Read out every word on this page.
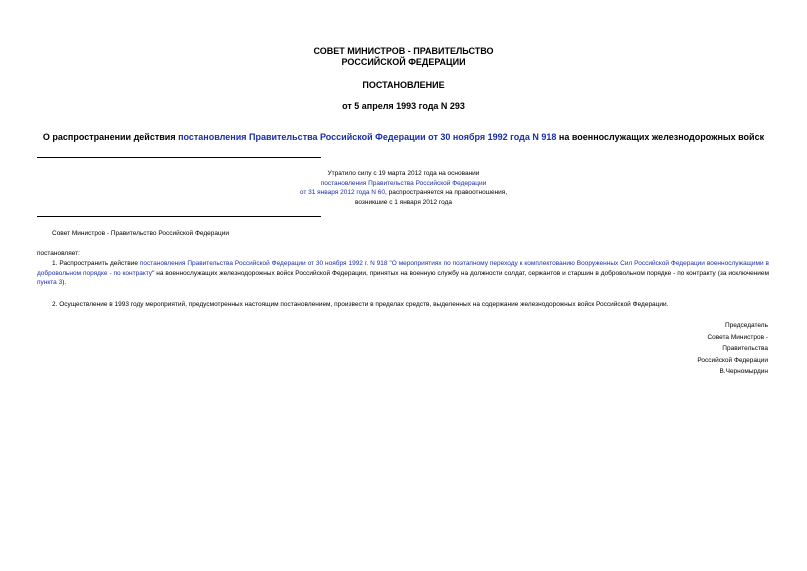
СОВЕТ МИНИСТРОВ - ПРАВИТЕЛЬСТВО
РОССИЙСКОЙ ФЕДЕРАЦИИ
ПОСТАНОВЛЕНИЕ
от 5 апреля 1993 года N 293
О распространении действия постановления Правительства Российской Федерации от 30 ноября 1992 года N 918 на военнослужащих железнодорожных войск
Утратило силу с 19 марта 2012 года на основании
постановления Правительства Российской Федерации
от 31 января 2012 года N 60, распространяется на правоотношения,
возникшие с 1 января 2012 года
Совет Министров - Правительство Российской Федерации
постановляет:
1. Распространить действие постановления Правительства Российской Федерации от 30 ноября 1992 г. N 918 "О мероприятиях по поэтапному переходу к комплектованию Вооруженных Сил Российской Федерации военнослужащими в добровольном порядке - по контракту" на военнослужащих железнодорожных войск Российской Федерации, принятых на военную службу на должности солдат, сержантов и старшин в добровольном порядке - по контракту (за исключением пункта 3).
2. Осуществление в 1993 году мероприятий, предусмотренных настоящим постановлением, произвести в пределах средств, выделенных на содержание железнодорожных войск Российской Федерации.
Председатель
Совета Министров -
Правительства
Российской Федерации
В.Черномырдин
